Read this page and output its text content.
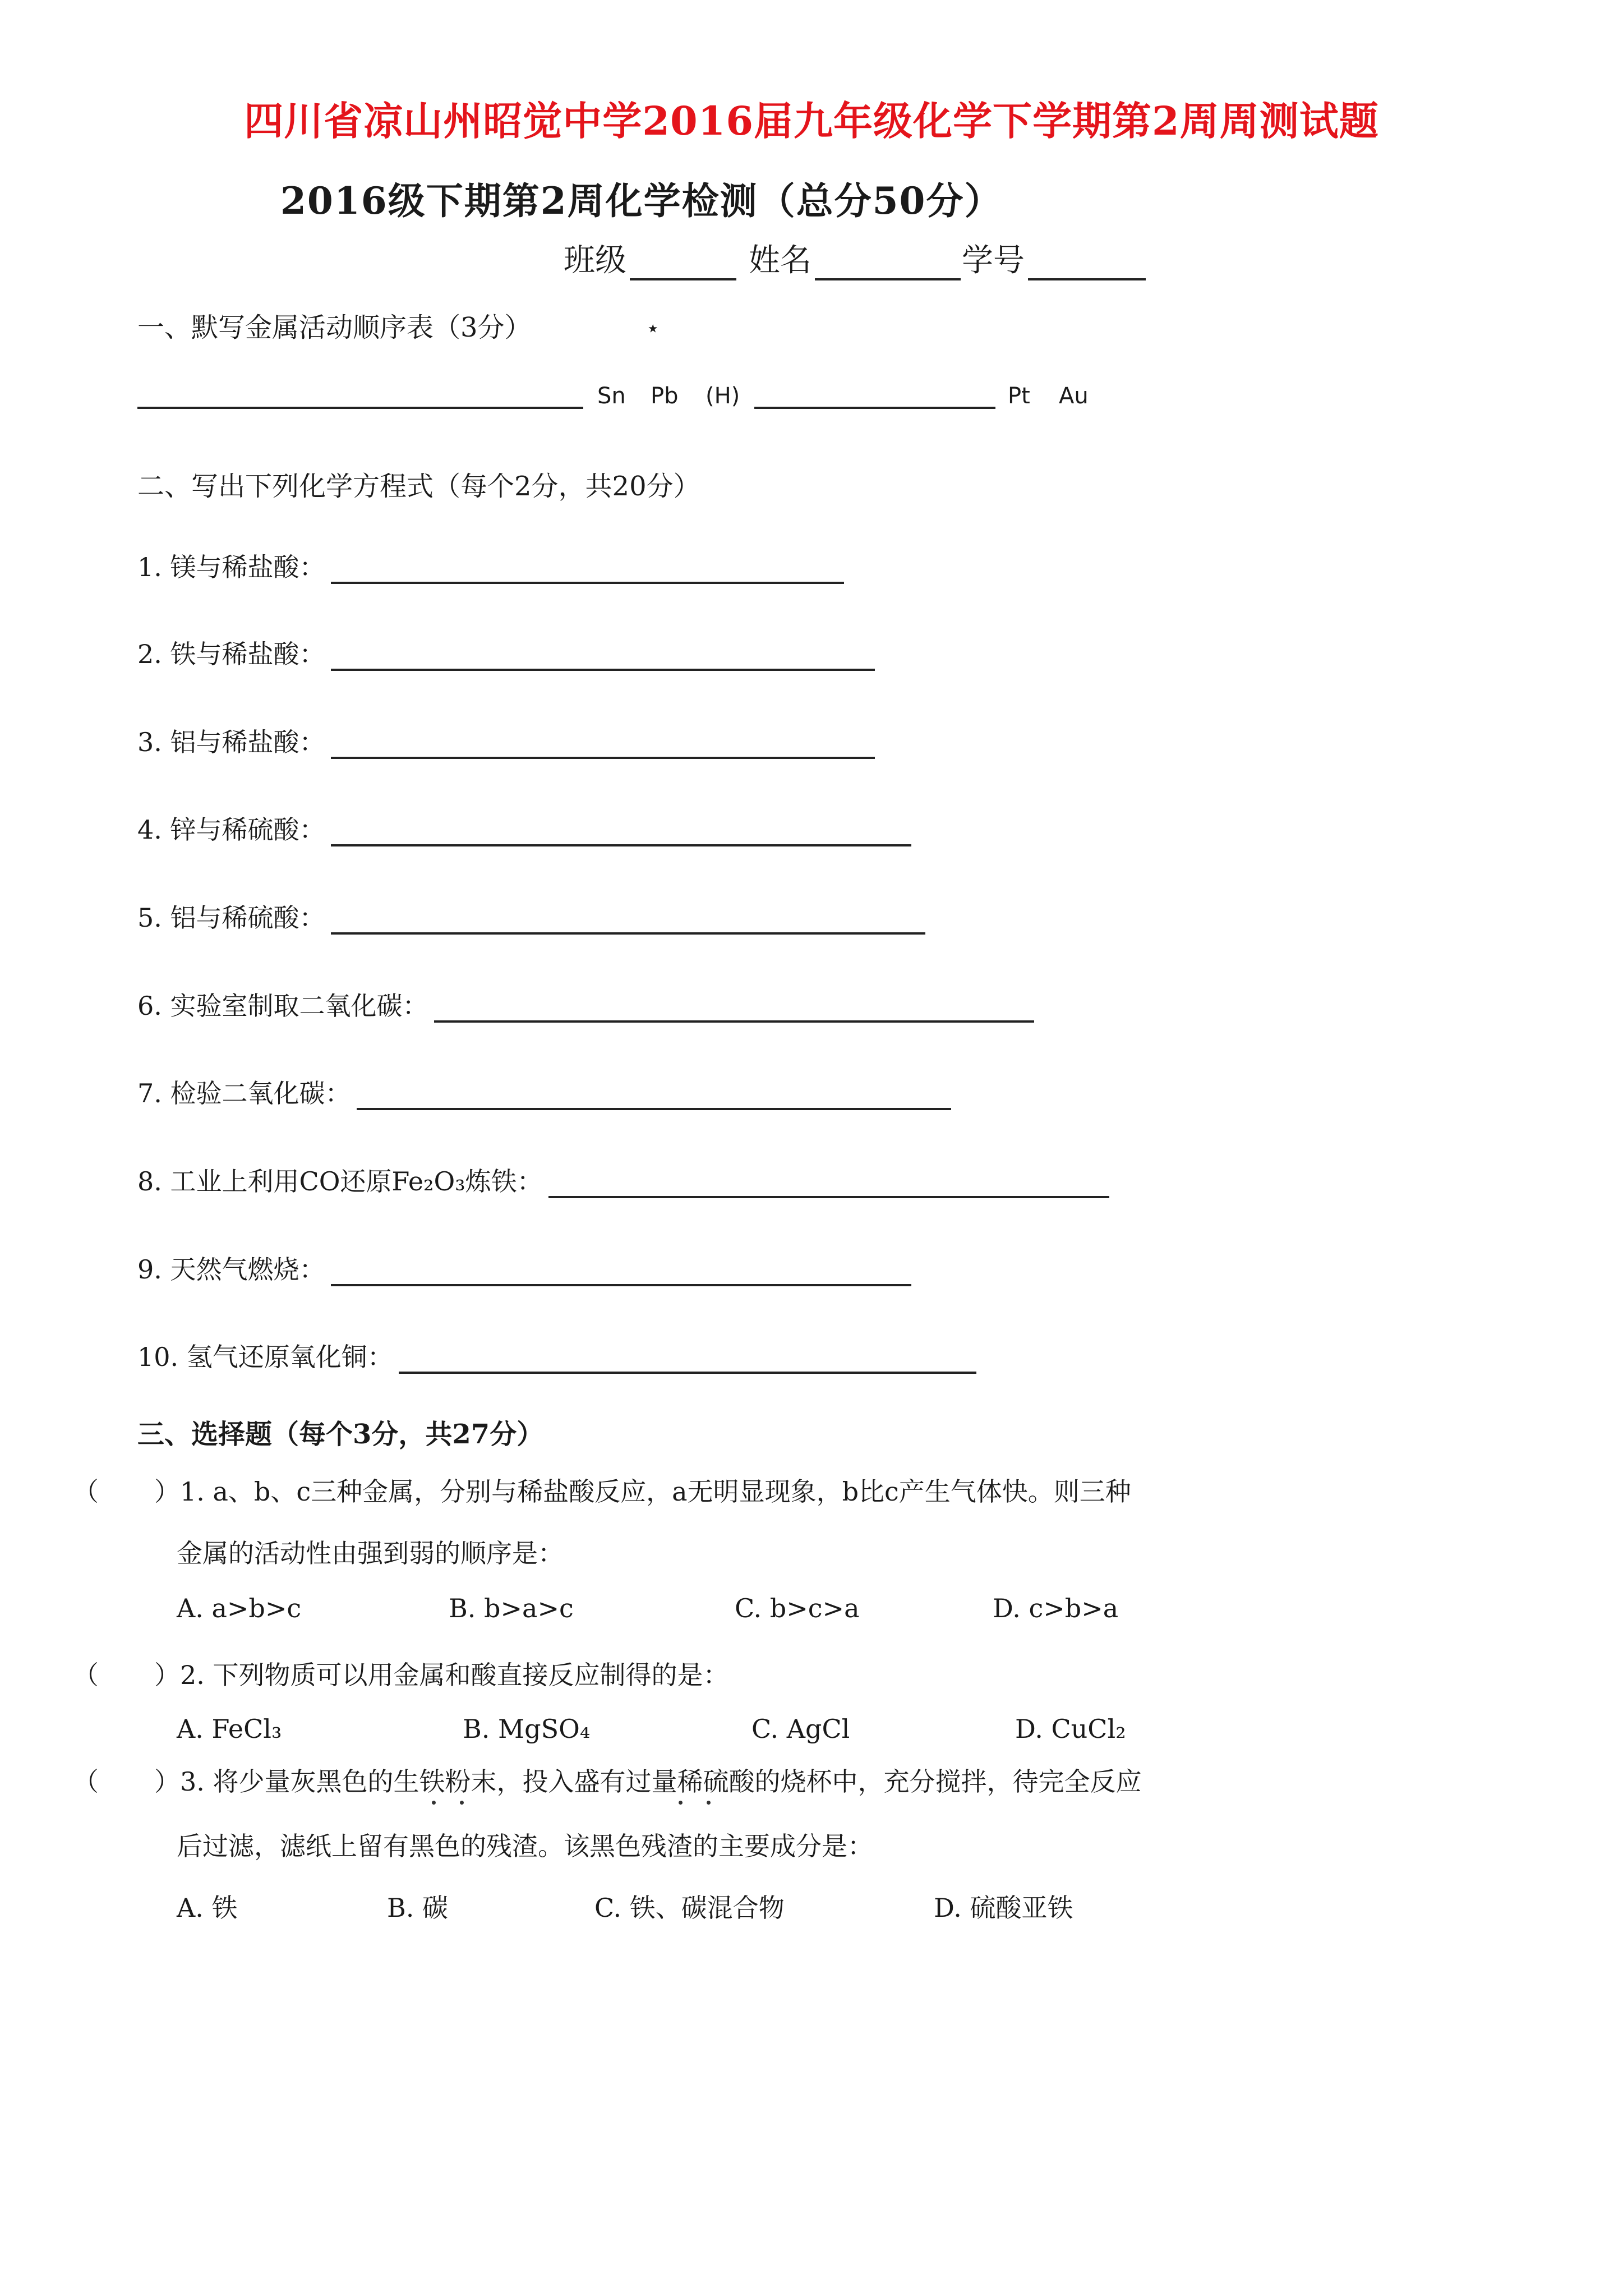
四川省凉山州昭觉中学2016届九年级化学下学期第2周周测试题
2016级下期第2周化学检测（总分50分）
班级	姓名	学号
一、默写金属活动顺序表（3分）	٭
Sn Pb (H)	Pt Au
二、写出下列化学方程式（每个2分，共20分）
1. 镁与稀盐酸：
2. 铁与稀盐酸：
3. 铝与稀盐酸：
4. 锌与稀硫酸：
5. 铝与稀硫酸：
6. 实验室制取二氧化碳：
7. 检验二氧化碳：
8. 工业上利用CO还原Fe₂O₃炼铁：
9. 天然气燃烧：
10. 氢气还原氧化铜：
三、选择题（每个3分，共27分）
（ ）1. a、b、c三种金属，分别与稀盐酸反应，a无明显现象，b比c产生气体快。则三种
金属的活动性由强到弱的顺序是：
A. a>b>c	B. b>a>c	C. b>c>a	D. c>b>a
（ ）2. 下列物质可以用金属和酸直接反应制得的是：
A. FeCl₃	B. MgSO₄	C. AgCl	D. CuCl₂
（ ）3. 将少量灰黑色的生铁粉末，投入盛有过量稀硫酸的烧杯中，充分搅拌，待完全反应
后过滤，滤纸上留有黑色的残渣。该黑色残渣的主要成分是：
A. 铁	B. 碳	C. 铁、碳混合物	D. 硫酸亚铁
